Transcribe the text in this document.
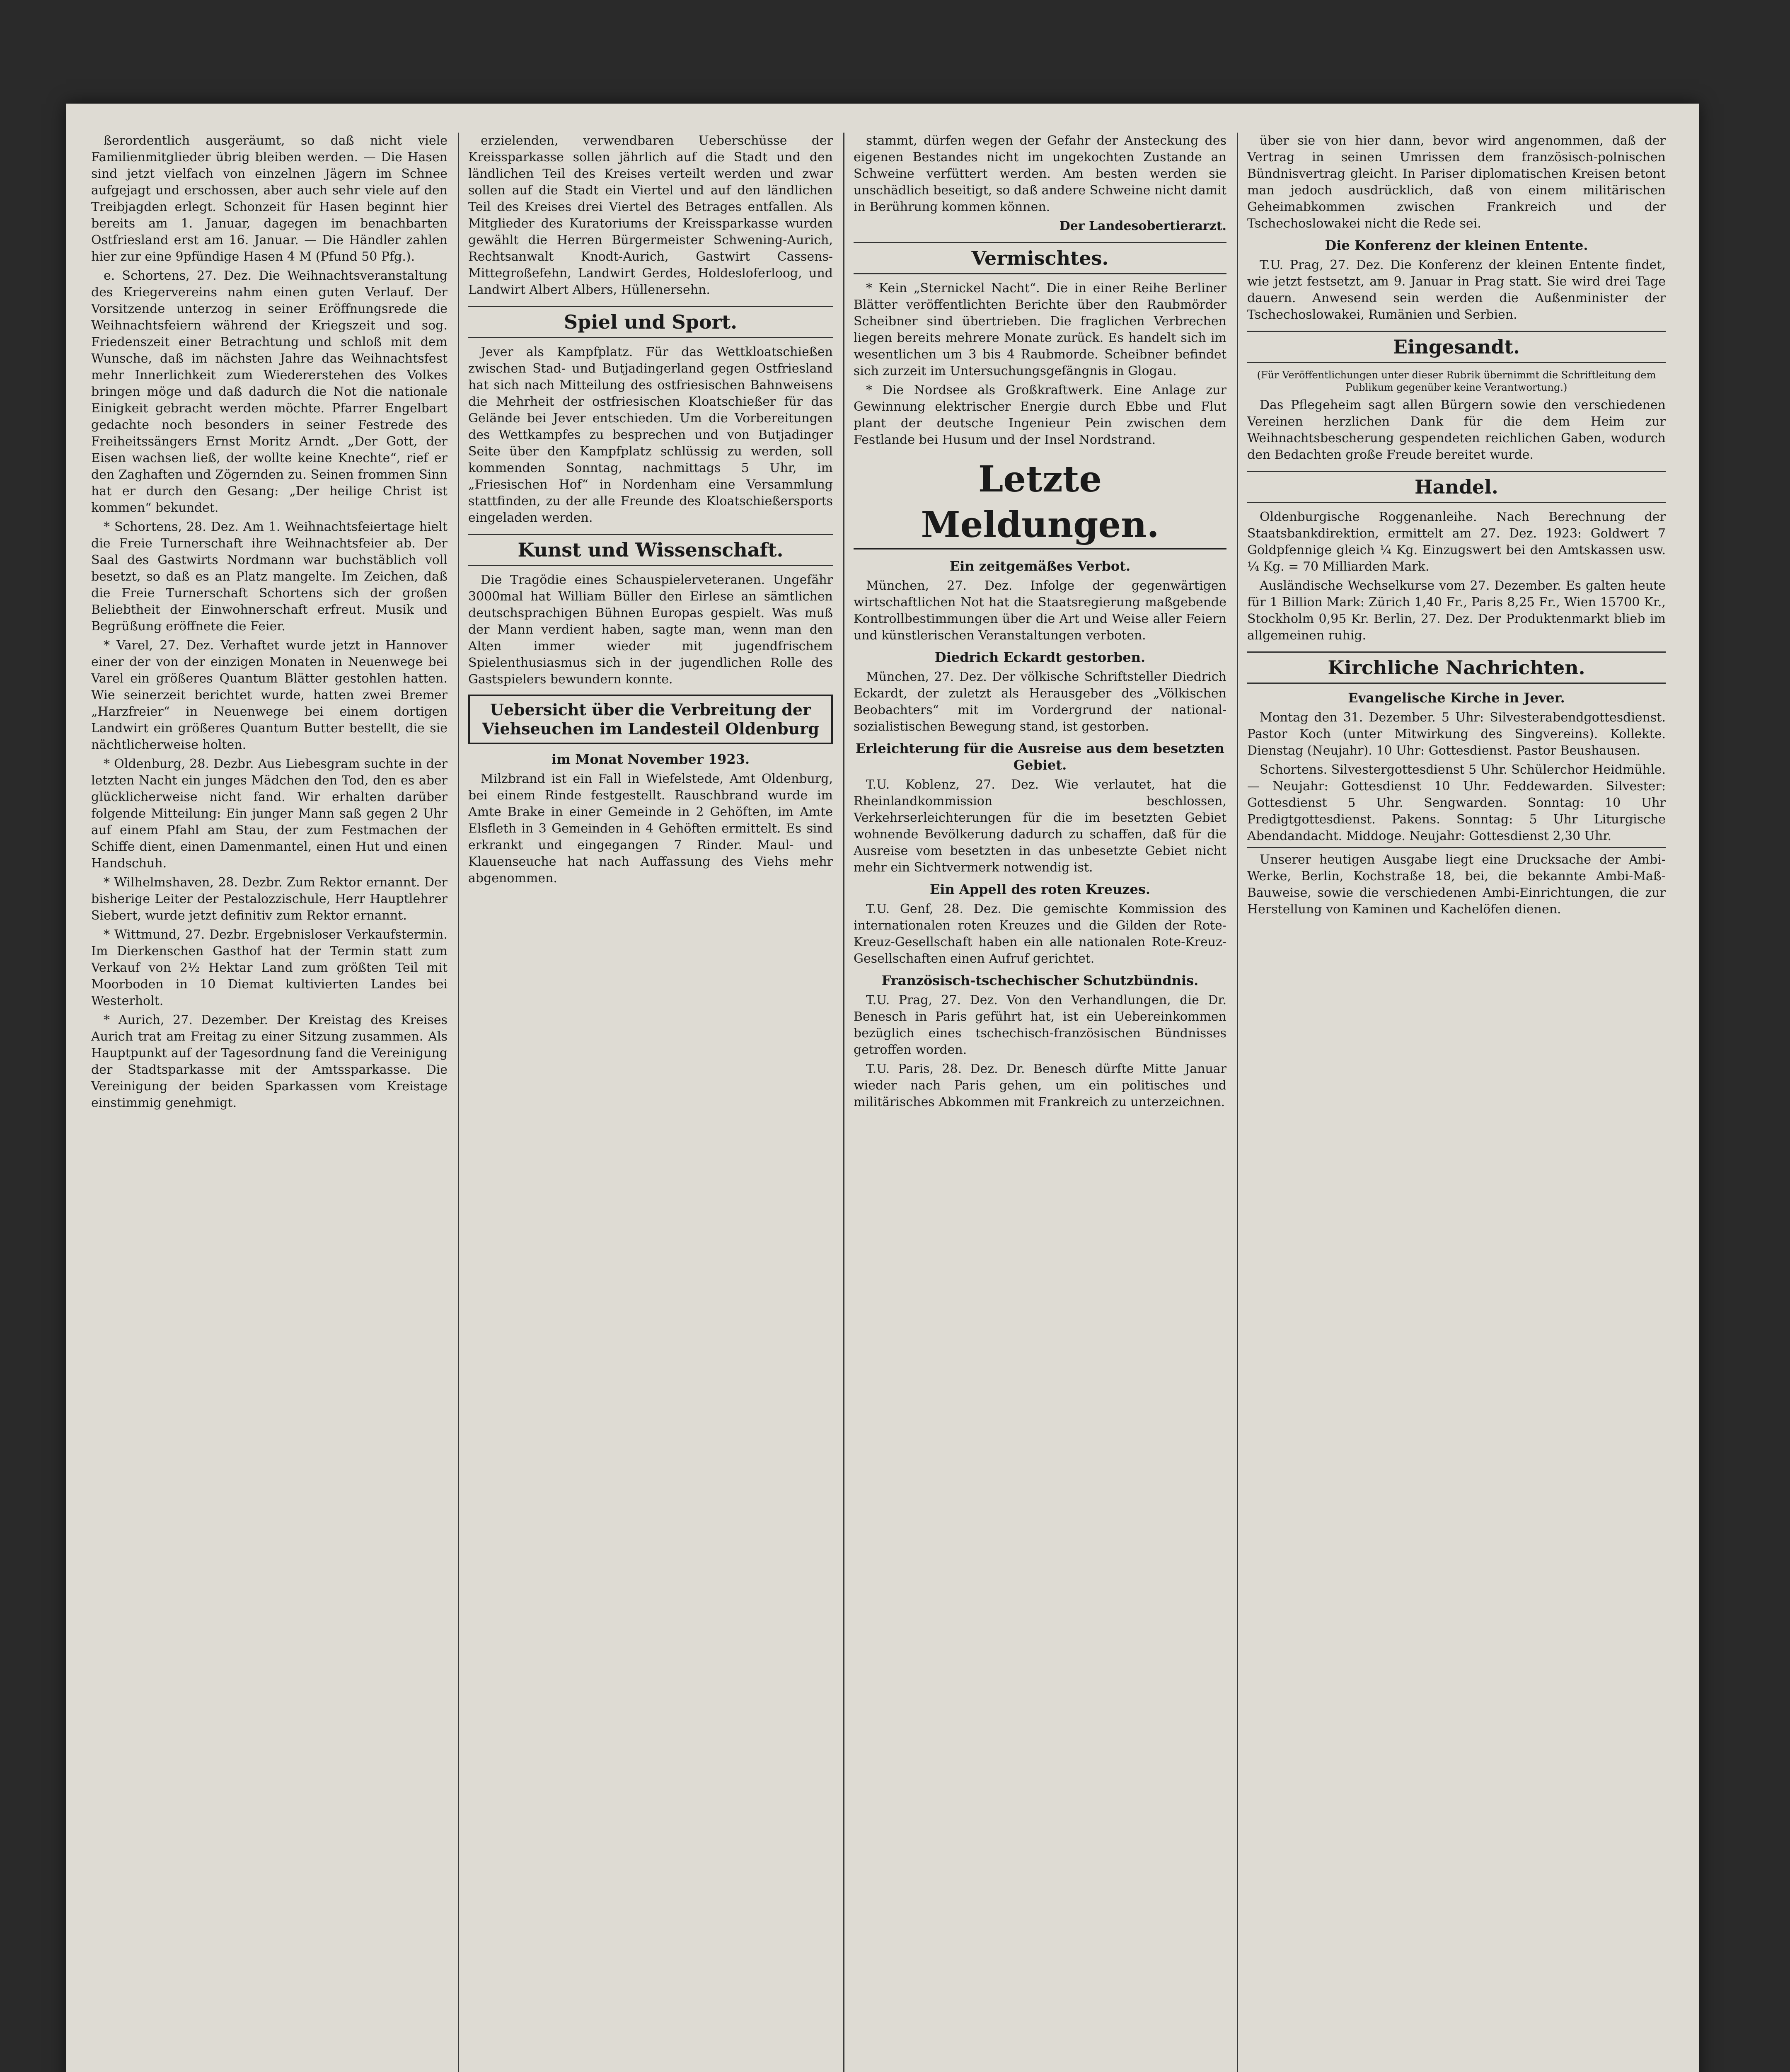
ßerordentlich ausgeräumt, so daß nicht viele Familienmitglieder übrig bleiben werden. — Die Hasen sind jetzt vielfach von einzelnen Jägern im Schnee aufgejagt und erschossen, aber auch sehr viele auf den Treibjagden erlegt. Schonzeit für Hasen beginnt hier bereits am 1. Januar, dagegen im benachbarten Ostfriesland erst am 16. Januar. — Die Händler zahlen hier zur eine 9pfündige Hasen 4 M (Pfund 50 Pfg.).

e. Schortens, 27. Dez. Die Weihnachtsveranstaltung des Kriegervereins nahm einen guten Verlauf. Der Vorsitzende unterzog in seiner Eröffnungsrede die Weihnachtsfeiern während der Kriegszeit und sog. Friedenszeit einer Betrachtung und schloß mit dem Wunsche, daß im nächsten Jahre das Weihnachtsfest mehr Innerlichkeit zum Wiedererstehen des Volkes bringen möge und daß dadurch die Not die nationale Einigkeit gebracht werden möchte. Pfarrer Engelbart gedachte noch besonders in seiner Festrede des Freiheitssängers Ernst Moritz Arndt. „Der Gott, der Eisen wachsen ließ, der wollte keine Knechte“, rief er den Zaghaften und Zögernden zu. Seinen frommen Sinn hat er durch den Gesang: „Der heilige Christ ist kommen“ bekundet.

* Schortens, 28. Dez. Am 1. Weihnachtsfeiertage hielt die Freie Turnerschaft ihre Weihnachtsfeier ab. Der Saal des Gastwirts Nordmann war buchstäblich voll besetzt, so daß es an Platz mangelte. Im Zeichen, daß die Freie Turnerschaft Schortens sich der großen Beliebtheit der Einwohnerschaft erfreut. Musik und Begrüßung eröffnete die Feier.

* Varel, 27. Dez. Verhaftet wurde jetzt in Hannover einer der von der einzigen Monaten in Neuenwege bei Varel ein größeres Quantum Blätter gestohlen hatten. Wie seinerzeit berichtet wurde, hatten zwei Bremer „Harzfreier“ in Neuenwege bei einem dortigen Landwirt ein größeres Quantum Butter bestellt, die sie nächtlicherweise holten.

* Oldenburg, 28. Dezbr. Aus Liebesgram suchte in der letzten Nacht ein junges Mädchen den Tod, den es aber glücklicherweise nicht fand. Wir erhalten darüber folgende Mitteilung: Ein junger Mann saß gegen 2 Uhr auf einem Pfahl am Stau, der zum Festmachen der Schiffe dient, einen Damenmantel, einen Hut und einen Handschuh.

* Wilhelmshaven, 28. Dezbr. Zum Rektor ernannt. Der bisherige Leiter der Pestalozzischule, Herr Hauptlehrer Siebert, wurde jetzt definitiv zum Rektor ernannt.

* Wittmund, 27. Dezbr. Ergebnisloser Verkaufstermin. Im Dierkenschen Gasthof hat der Termin statt zum Verkauf von 2½ Hektar Land zum größten Teil mit Moorboden in 10 Diemat kultivierten Landes bei Westerholt.

* Aurich, 27. Dezember. Der Kreistag des Kreises Aurich trat am Freitag zu einer Sitzung zusammen. Als Hauptpunkt auf der Tagesordnung fand die Vereinigung der Stadtsparkasse mit der Amtssparkasse. Die Vereinigung der beiden Sparkassen vom Kreistage einstimmig genehmigt.

erzielenden, verwendbaren Ueberschüsse der Kreissparkasse sollen jährlich auf die Stadt und den ländlichen Teil des Kreises verteilt werden und zwar sollen auf die Stadt ein Viertel und auf den ländlichen Teil des Kreises drei Viertel des Betrages entfallen. Als Mitglieder des Kuratoriums der Kreissparkasse wurden gewählt die Herren Bürgermeister Schwening-Aurich, Rechtsanwalt Knodt-Aurich, Gastwirt Cassens-Mittegroßefehn, Landwirt Gerdes, Holdesloferloog, und Landwirt Albert Albers, Hüllenersehn.

Spiel und Sport.

Jever als Kampfplatz. Für das Wettkloatschießen zwischen Stad- und Butjadingerland gegen Ostfriesland hat sich nach Mitteilung des ostfriesischen Bahnweisens die Mehrheit der ostfriesischen Kloatschießer für das Gelände bei Jever entschieden. Um die Vorbereitungen des Wettkampfes zu besprechen und von Butjadinger Seite über den Kampfplatz schlüssig zu werden, soll kommenden Sonntag, nachmittags 5 Uhr, im „Friesischen Hof“ in Nordenham eine Versammlung stattfinden, zu der alle Freunde des Kloatschießersports eingeladen werden.

Kunst und Wissenschaft.

Die Tragödie eines Schauspielerveteranen. Ungefähr 3000mal hat William Büller den Eirlese an sämtlichen deutschsprachigen Bühnen Europas gespielt. Was muß der Mann verdient haben, sagte man, wenn man den Alten immer wieder mit jugendfrischem Spielenthusiasmus sich in der jugendlichen Rolle des Gastspielers bewundern konnte.

Uebersicht über die Verbreitung der Viehseuchen im Landesteil Oldenburg
im Monat November 1923.

Milzbrand ist ein Fall in Wiefelstede, Amt Oldenburg, bei einem Rinde festgestellt. Rauschbrand wurde im Amte Brake in einer Gemeinde in 2 Gehöften, im Amte Elsfleth in 3 Gemeinden in 4 Gehöften ermittelt. Es sind erkrankt und eingegangen 7 Rinder. Maul- und Klauenseuche hat nach Auffassung des Viehs mehr abgenommen.

stammt, dürfen wegen der Gefahr der Ansteckung des eigenen Bestandes nicht im ungekochten Zustande an Schweine verfüttert werden. Am besten werden sie unschädlich beseitigt, so daß andere Schweine nicht damit in Berührung kommen können.

Der Landesobertierarzt.
Vermischtes.

* Kein „Sternickel Nacht“. Die in einer Reihe Berliner Blätter veröffentlichten Berichte über den Raubmörder Scheibner sind übertrieben. Die fraglichen Verbrechen liegen bereits mehrere Monate zurück. Es handelt sich im wesentlichen um 3 bis 4 Raubmorde. Scheibner befindet sich zurzeit im Untersuchungsgefängnis in Glogau.

* Die Nordsee als Großkraftwerk. Eine Anlage zur Gewinnung elektrischer Energie durch Ebbe und Flut plant der deutsche Ingenieur Pein zwischen dem Festlande bei Husum und der Insel Nordstrand.

Letzte Meldungen.
Ein zeitgemäßes Verbot.

München, 27. Dez. Infolge der gegenwärtigen wirtschaftlichen Not hat die Staatsregierung maßgebende Kontrollbestimmungen über die Art und Weise aller Feiern und künstlerischen Veranstaltungen verboten.

Diedrich Eckardt gestorben.

München, 27. Dez. Der völkische Schriftsteller Diedrich Eckardt, der zuletzt als Herausgeber des „Völkischen Beobachters“ mit im Vordergrund der national-sozialistischen Bewegung stand, ist gestorben.

Erleichterung für die Ausreise aus dem besetzten Gebiet.

T.U. Koblenz, 27. Dez. Wie verlautet, hat die Rheinlandkommission beschlossen, Verkehrserleichterungen für die im besetzten Gebiet wohnende Bevölkerung dadurch zu schaffen, daß für die Ausreise vom besetzten in das unbesetzte Gebiet nicht mehr ein Sichtvermerk notwendig ist.

Ein Appell des roten Kreuzes.

T.U. Genf, 28. Dez. Die gemischte Kommission des internationalen roten Kreuzes und die Gilden der Rote-Kreuz-Gesellschaft haben ein alle nationalen Rote-Kreuz-Gesellschaften einen Aufruf gerichtet.

Französisch-tschechischer Schutzbündnis.

T.U. Prag, 27. Dez. Von den Verhandlungen, die Dr. Benesch in Paris geführt hat, ist ein Uebereinkommen bezüglich eines tschechisch-französischen Bündnisses getroffen worden.

T.U. Paris, 28. Dez. Dr. Benesch dürfte Mitte Januar wieder nach Paris gehen, um ein politisches und militärisches Abkommen mit Frankreich zu unterzeichnen.

über sie von hier dann, bevor wird angenommen, daß der Vertrag in seinen Umrissen dem französisch-polnischen Bündnisvertrag gleicht. In Pariser diplomatischen Kreisen betont man jedoch ausdrücklich, daß von einem militärischen Geheimabkommen zwischen Frankreich und der Tschechoslowakei nicht die Rede sei.

Die Konferenz der kleinen Entente.

T.U. Prag, 27. Dez. Die Konferenz der kleinen Entente findet, wie jetzt festsetzt, am 9. Januar in Prag statt. Sie wird drei Tage dauern. Anwesend sein werden die Außenminister der Tschechoslowakei, Rumänien und Serbien.

Eingesandt.
(Für Veröffentlichungen unter dieser Rubrik übernimmt die Schriftleitung dem Publikum gegenüber keine Verantwortung.)

Das Pflegeheim sagt allen Bürgern sowie den verschiedenen Vereinen herzlichen Dank für die dem Heim zur Weihnachtsbescherung gespendeten reichlichen Gaben, wodurch den Bedachten große Freude bereitet wurde.

Handel.

Oldenburgische Roggenanleihe. Nach Berechnung der Staatsbankdirektion, ermittelt am 27. Dez. 1923: Goldwert 7 Goldpfennige gleich ¼ Kg. Einzugswert bei den Amtskassen usw. ¼ Kg. = 70 Milliarden Mark.

Ausländische Wechselkurse vom 27. Dezember. Es galten heute für 1 Billion Mark: Zürich 1,40 Fr., Paris 8,25 Fr., Wien 15700 Kr., Stockholm 0,95 Kr. Berlin, 27. Dez. Der Produktenmarkt blieb im allgemeinen ruhig.

Kirchliche Nachrichten.
Evangelische Kirche in Jever.

Montag den 31. Dezember. 5 Uhr: Silvesterabendgottesdienst. Pastor Koch (unter Mitwirkung des Singvereins). Kollekte. Dienstag (Neujahr). 10 Uhr: Gottesdienst. Pastor Beushausen.

Schortens. Silvestergottesdienst 5 Uhr. Schülerchor Heidmühle. — Neujahr: Gottesdienst 10 Uhr. Feddewarden. Silvester: Gottesdienst 5 Uhr. Sengwarden. Sonntag: 10 Uhr Predigtgottesdienst. Pakens. Sonntag: 5 Uhr Liturgische Abendandacht. Middoge. Neujahr: Gottesdienst 2,30 Uhr.

Unserer heutigen Ausgabe liegt eine Drucksache der Ambi-Werke, Berlin, Kochstraße 18, bei, die bekannte Ambi-Maß-Bauweise, sowie die verschiedenen Ambi-Einrichtungen, die zur Herstellung von Kaminen und Kachelöfen dienen.
